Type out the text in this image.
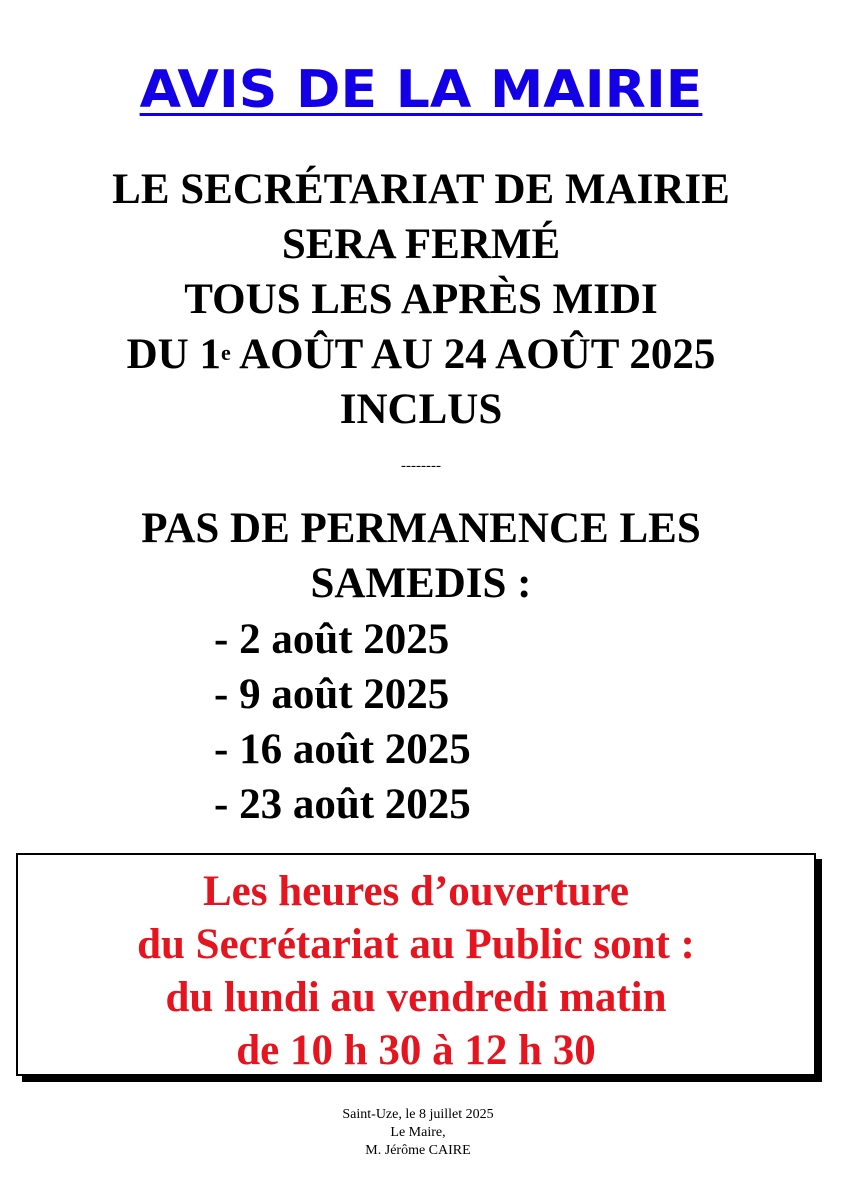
AVIS DE LA MAIRIE
LE SECRÉTARIAT DE MAIRIE
SERA FERMÉ
TOUS LES APRÈS MIDI
DU 1e AOÛT AU 24 AOÛT 2025
INCLUS
--------
PAS DE PERMANENCE LES
SAMEDIS :
- 2 août 2025
- 9 août 2025
- 16 août 2025
- 23 août 2025
Les heures d’ouverture
du Secrétariat au Public sont :
du lundi au vendredi matin
de 10 h 30 à 12 h 30
Saint-Uze, le 8 juillet 2025
Le Maire,
M. Jérôme CAIRE
